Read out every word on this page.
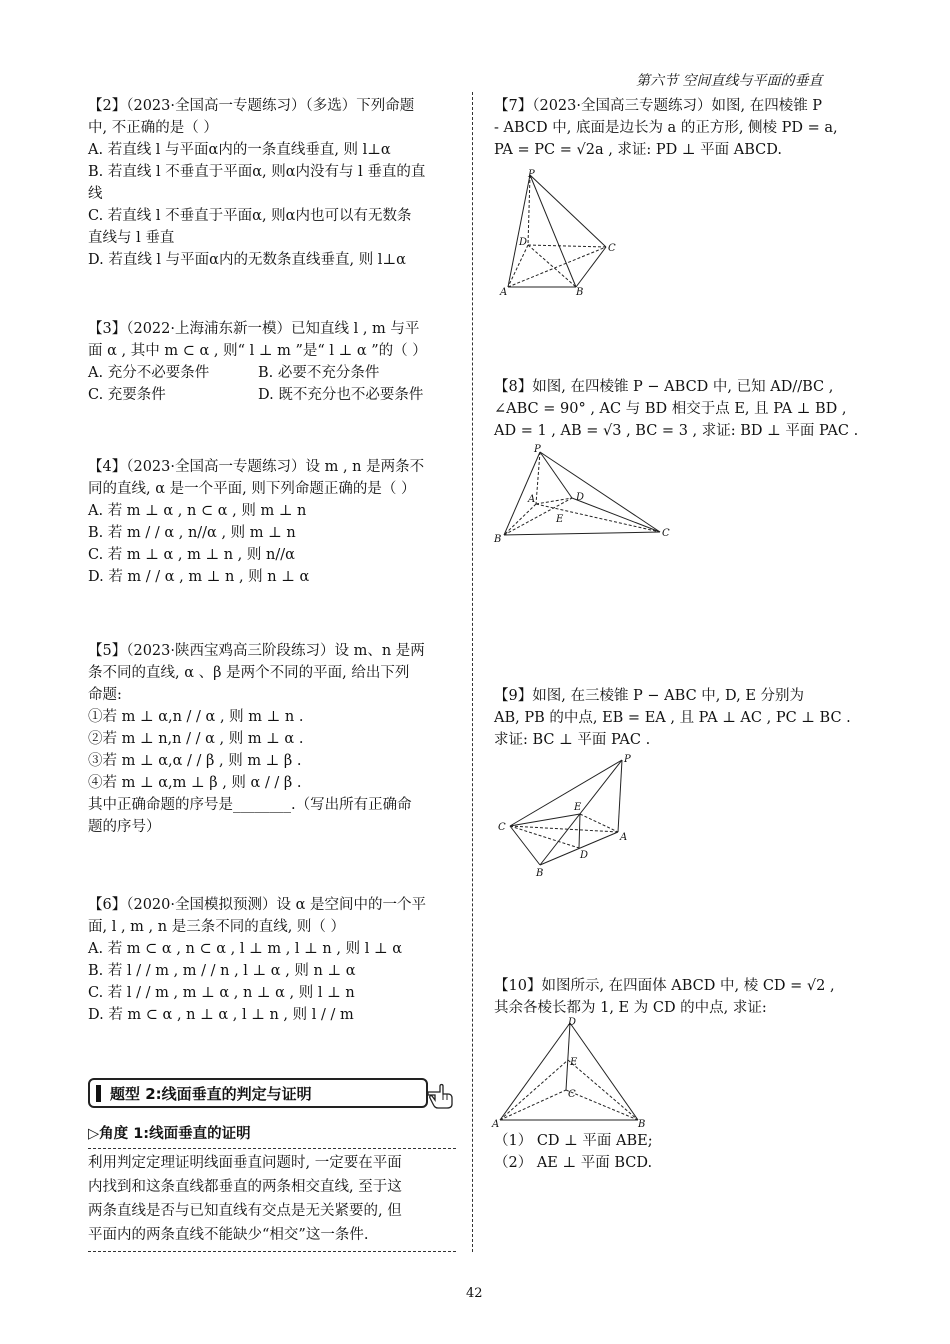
第六节 空间直线与平面的垂直
【2】（2023·全国高一专题练习）（多选）下列命题
中, 不正确的是（ ）
A. 若直线 l 与平面α内的一条直线垂直, 则 l⊥α
B. 若直线 l 不垂直于平面α, 则α内没有与 l 垂直的直
线
C. 若直线 l 不垂直于平面α, 则α内也可以有无数条
直线与 l 垂直
D. 若直线 l 与平面α内的无数条直线垂直, 则 l⊥α
【3】（2022·上海浦东新一模）已知直线 l , m 与平
面 α , 其中 m ⊂ α , 则“ l ⊥ m ”是“ l ⊥ α ”的（ ）
A. 充分不必要条件	B. 必要不充分条件
C. 充要条件	D. 既不充分也不必要条件
【4】（2023·全国高一专题练习）设 m , n 是两条不
同的直线, α 是一个平面, 则下列命题正确的是（ ）
A. 若 m ⊥ α , n ⊂ α , 则 m ⊥ n
B. 若 m / / α , n//α , 则 m ⊥ n
C. 若 m ⊥ α , m ⊥ n , 则 n//α
D. 若 m / / α , m ⊥ n , 则 n ⊥ α
【5】（2023·陕西宝鸡高三阶段练习）设 m、n 是两
条不同的直线, α 、β 是两个不同的平面, 给出下列
命题:
①若 m ⊥ α,n / / α , 则 m ⊥ n .
②若 m ⊥ n,n / / α , 则 m ⊥ α .
③若 m ⊥ α,α / / β , 则 m ⊥ β .
④若 m ⊥ α,m ⊥ β , 则 α / / β .
其中正确命题的序号是________.（写出所有正确命
题的序号）
【6】（2020·全国模拟预测）设 α 是空间中的一个平
面, l , m , n 是三条不同的直线, 则（ ）
A. 若 m ⊂ α , n ⊂ α , l ⊥ m , l ⊥ n , 则 l ⊥ α
B. 若 l / / m , m / / n , l ⊥ α , 则 n ⊥ α
C. 若 l / / m , m ⊥ α , n ⊥ α , 则 l ⊥ n
D. 若 m ⊂ α , n ⊥ α , l ⊥ n , 则 l / / m
题型 2:线面垂直的判定与证明
▷角度 1:线面垂直的证明
利用判定定理证明线面垂直问题时, 一定要在平面
内找到和这条直线都垂直的两条相交直线, 至于这
两条直线是否与已知直线有交点是无关紧要的, 但
平面内的两条直线不能缺少“相交”这一条件.
【7】（2023·全国高三专题练习）如图, 在四棱锥 P
- ABCD 中, 底面是边长为 a 的正方形, 侧棱 PD = a,
PA = PC = √2a , 求证: PD ⊥ 平面 ABCD.
P
D
C
A	B
【8】如图, 在四棱锥 P − ABCD 中, 已知 AD//BC ,
∠ABC = 90° , AC 与 BD 相交于点 E, 且 PA ⊥ BD ,
AD = 1 , AB = √3 , BC = 3 , 求证: BD ⊥ 平面 PAC .
P
A	D
E
B
C
【9】如图, 在三棱锥 P − ABC 中, D, E 分别为
AB, PB 的中点, EB = EA , 且 PA ⊥ AC , PC ⊥ BC .
求证: BC ⊥ 平面 PAC .
P
E
C
A
D
B
【10】如图所示, 在四面体 ABCD 中, 棱 CD = √2 ,
其余各棱长都为 1, E 为 CD 的中点, 求证:
D
E
C
A	B
（1） CD ⊥ 平面 ABE;
（2） AE ⊥ 平面 BCD.
42
